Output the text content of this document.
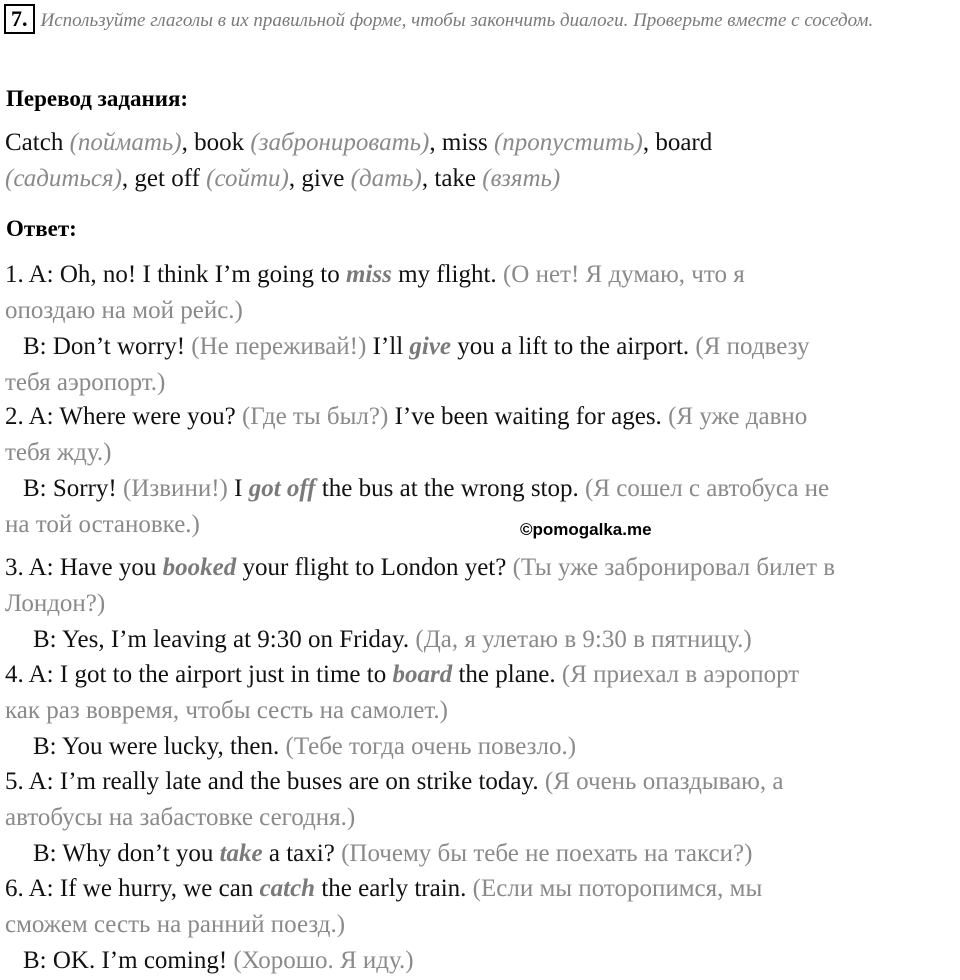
7. Используйте глаголы в их правильной форме, чтобы закончить диалоги. Проверьте вместе с соседом.
Перевод задания:
Catch (поймать), book (забронировать), miss (пропустить), board
(садиться), get off (сойти), give (дать), take (взять)
Ответ:
1. A: Oh, no! I think I’m going to miss my flight. (О нет! Я думаю, что я
опоздаю на мой рейс.)
B: Don’t worry! (Не переживай!) I’ll give you a lift to the airport. (Я подвезу
тебя аэропорт.)
2. A: Where were you? (Где ты был?) I’ve been waiting for ages. (Я уже давно
тебя жду.)
B: Sorry! (Извини!) I got off the bus at the wrong stop. (Я сошел с автобуса не
на той остановке.)	©pomogalka.me
3. A: Have you booked your flight to London yet? (Ты уже забронировал билет в
Лондон?)
B: Yes, I’m leaving at 9:30 on Friday. (Да, я улетаю в 9:30 в пятницу.)
4. A: I got to the airport just in time to board the plane. (Я приехал в аэропорт
как раз вовремя, чтобы сесть на самолет.)
B: You were lucky, then. (Тебе тогда очень повезло.)
5. A: I’m really late and the buses are on strike today. (Я очень опаздываю, а
автобусы на забастовке сегодня.)
B: Why don’t you take a taxi? (Почему бы тебе не поехать на такси?)
6. A: If we hurry, we can catch the early train. (Если мы поторопимся, мы
сможем сесть на ранний поезд.)
B: OK. I’m coming! (Хорошо. Я иду.)
